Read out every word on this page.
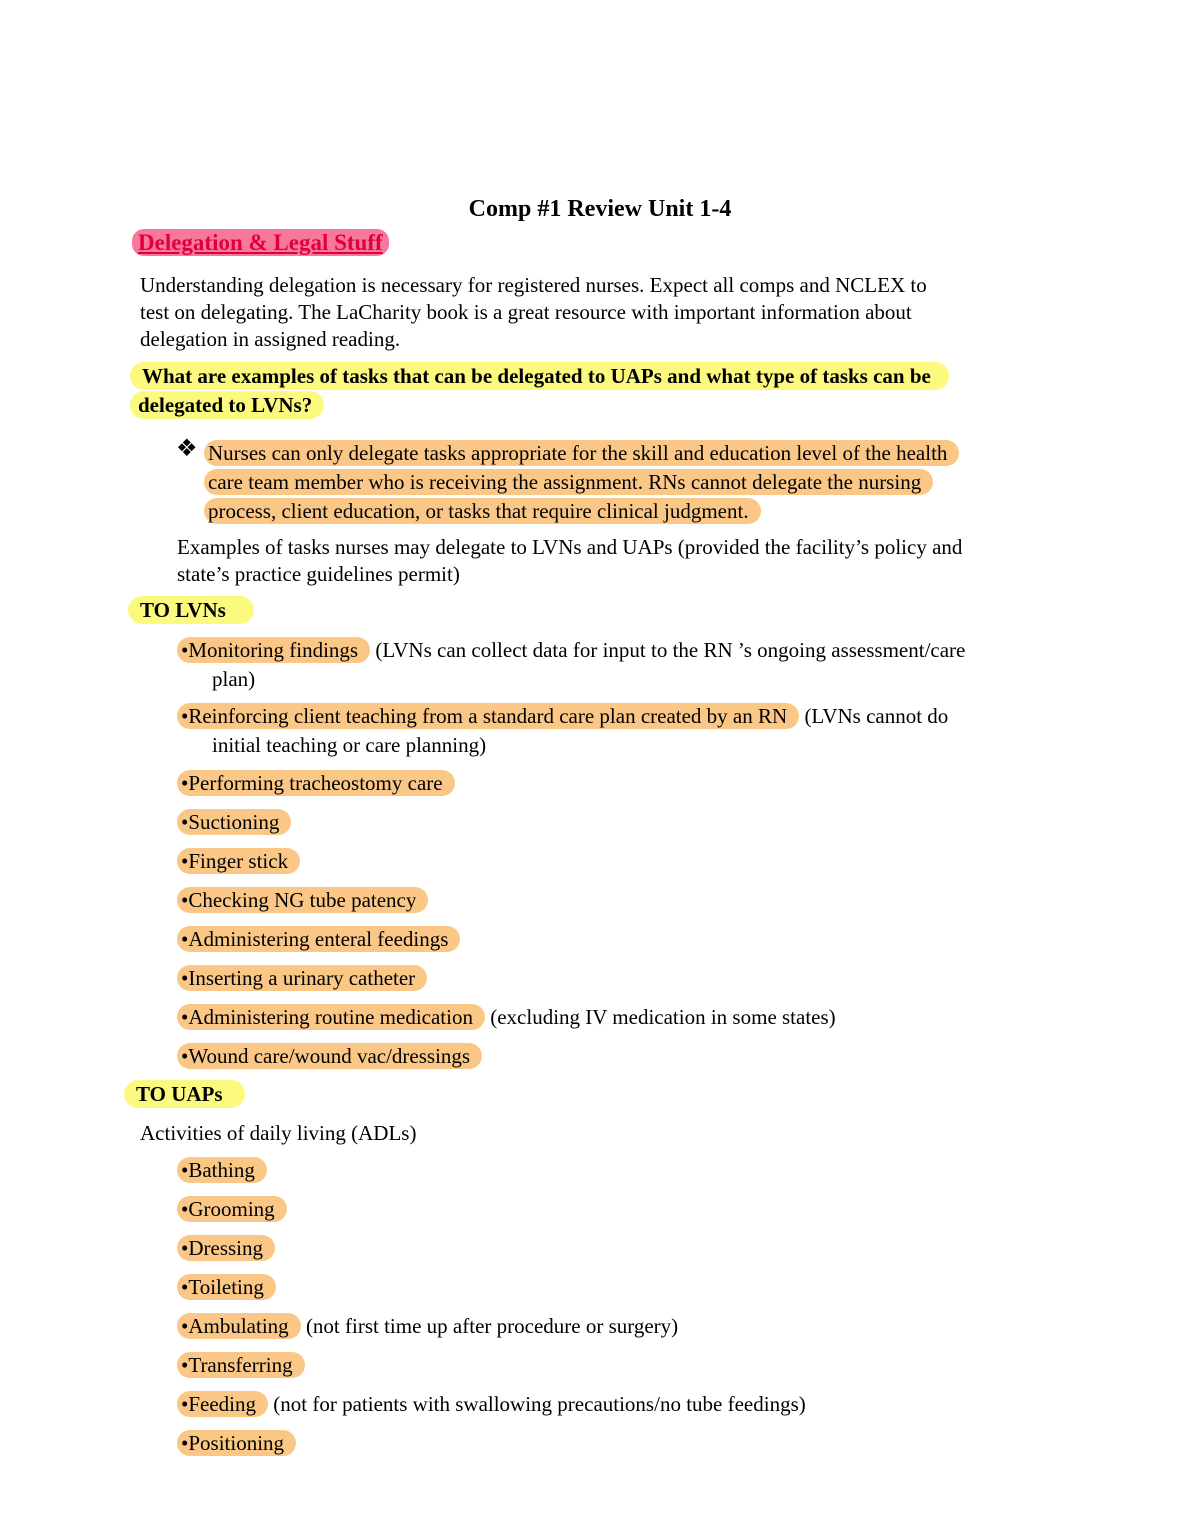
Comp #1 Review Unit 1-4
Delegation & Legal Stuff
Understanding delegation is necessary for registered nurses. Expect all comps and NCLEX to
test on delegating. The LaCharity book is a great resource with important information about
delegation in assigned reading.
What are examples of tasks that can be delegated to UAPs and what type of tasks can be
delegated to LVNs?
❖ Nurses can only delegate tasks appropriate for the skill and education level of the health
care team member who is receiving the assignment. RNs cannot delegate the nursing
process, client education, or tasks that require clinical judgment.
Examples of tasks nurses may delegate to LVNs and UAPs (provided the facility’s policy and
state’s practice guidelines permit)
TO LVNs
•Monitoring findings (LVNs can collect data for input to the RN ’s ongoing assessment/care
plan)
•Reinforcing client teaching from a standard care plan created by an RN (LVNs cannot do
initial teaching or care planning)
•Performing tracheostomy care
•Suctioning
•Finger stick
•Checking NG tube patency
•Administering enteral feedings
•Inserting a urinary catheter
•Administering routine medication (excluding IV medication in some states)
•Wound care/wound vac/dressings
TO UAPs
Activities of daily living (ADLs)
•Bathing
•Grooming
•Dressing
•Toileting
•Ambulating (not first time up after procedure or surgery)
•Transferring
•Feeding (not for patients with swallowing precautions/no tube feedings)
•Positioning
